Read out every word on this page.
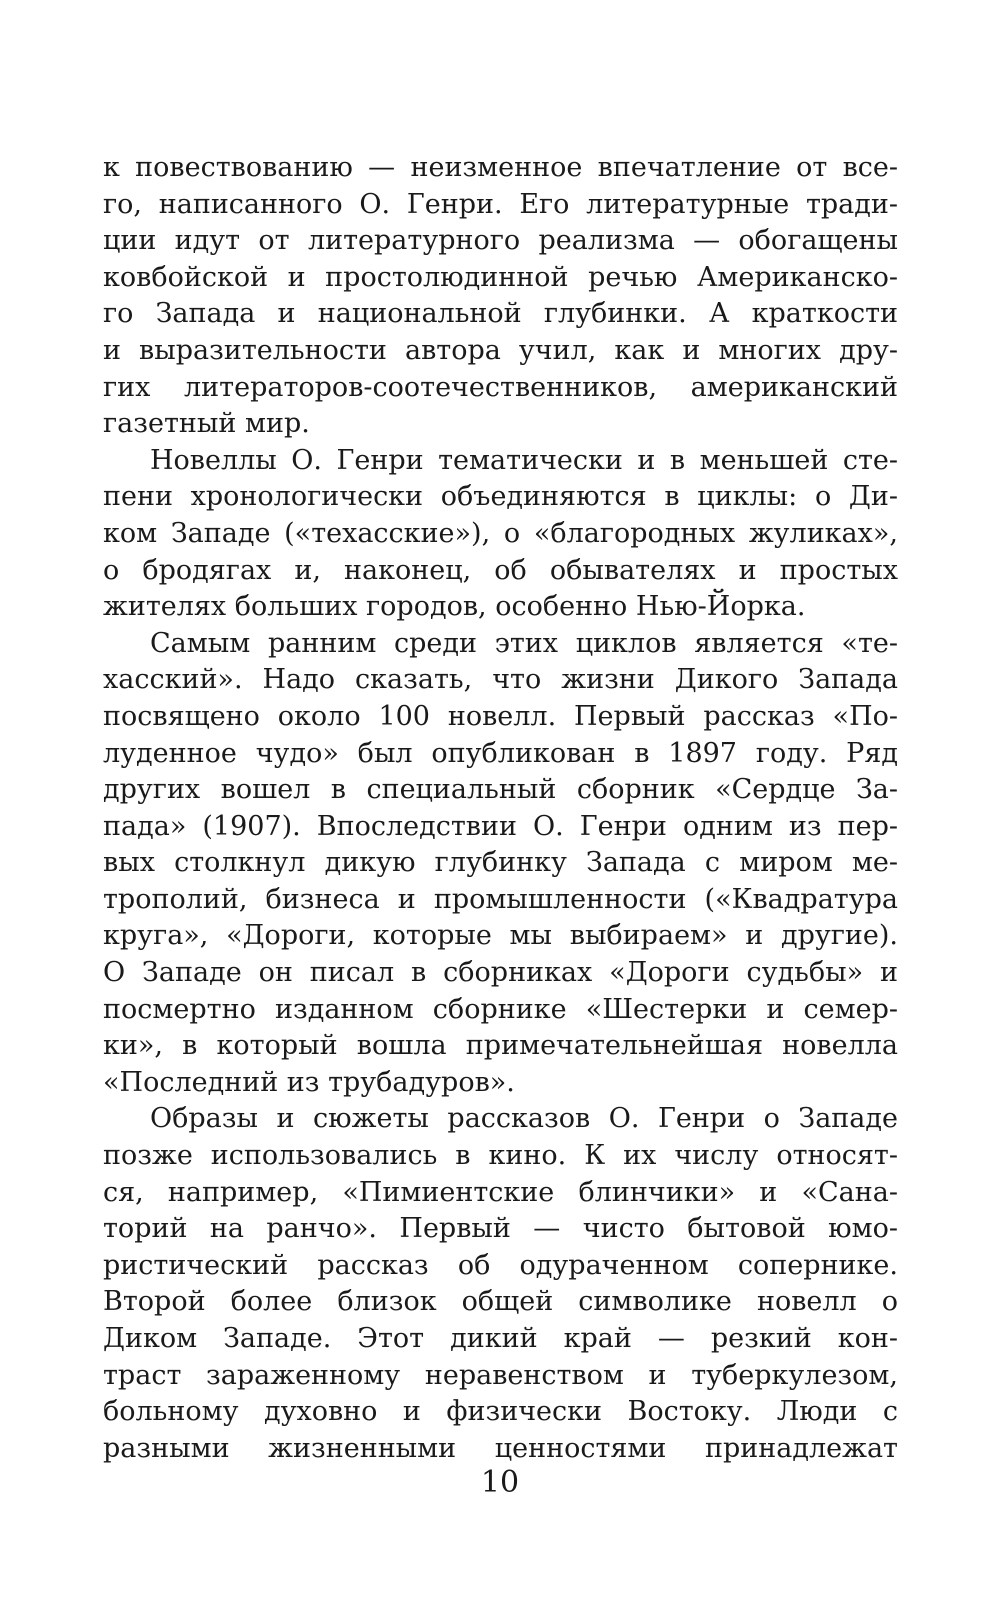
к повествованию — неизменное впечатление от все-
го, написанного О. Генри. Его литературные тради-
ции идут от литературного реализма — обогащены
ковбойской и простолюдинной речью Американско-
го Запада и национальной глубинки. А краткости
и выразительности автора учил, как и многих дру-
гих литераторов-соотечественников, американский
газетный мир.

Новеллы О. Генри тематически и в меньшей сте-
пени хронологически объединяются в циклы: о Ди-
ком Западе («техасские»), о «благородных жуликах»,
о бродягах и, наконец, об обывателях и простых
жителях больших городов, особенно Нью-Йорка.

Самым ранним среди этих циклов является «те-
хасский». Надо сказать, что жизни Дикого Запада
посвящено около 100 новелл. Первый рассказ «По-
луденное чудо» был опубликован в 1897 году. Ряд
других вошел в специальный сборник «Сердце За-
пада» (1907). Впоследствии О. Генри одним из пер-
вых столкнул дикую глубинку Запада с миром ме-
трополий, бизнеса и промышленности («Квадратура
круга», «Дороги, которые мы выбираем» и другие).
О Западе он писал в сборниках «Дороги судьбы» и
посмертно изданном сборнике «Шестерки и семер-
ки», в который вошла примечательнейшая новелла
«Последний из трубадуров».

Образы и сюжеты рассказов О. Генри о Западе
позже использовались в кино. К их числу относят-
ся, например, «Пимиентские блинчики» и «Сана-
торий на ранчо». Первый — чисто бытовой юмо-
ристический рассказ об одураченном сопернике.
Второй более близок общей символике новелл о
Диком Западе. Этот дикий край — резкий кон-
траст зараженному неравенством и туберкулезом,
больному духовно и физически Востоку. Люди с
разными жизненными ценностями принадлежат

10
